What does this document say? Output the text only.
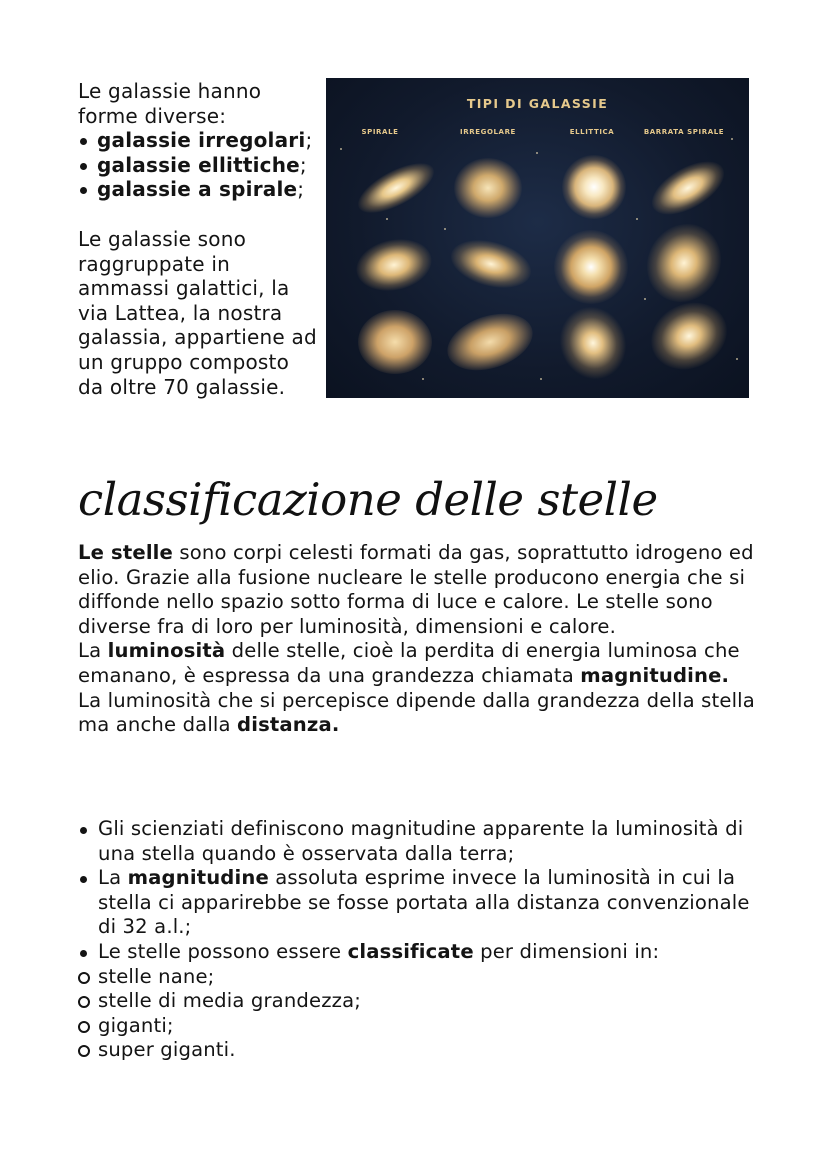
Le galassie hanno forme diverse:

galassie irregolari;
galassie ellittiche;
galassie a spirale;

Le galassie sono raggruppate in ammassi galattici, la via Lattea, la nostra galassia, appartiene ad un gruppo composto da oltre 70 galassie.

TIPI DI GALASSIE
SPIRALE	IRREGOLARE	ELLITTICA	BARRATA SPIRALE
classificazione delle stelle

Le stelle sono corpi celesti formati da gas, soprattutto idrogeno ed elio. Grazie alla fusione nucleare le stelle producono energia che si diffonde nello spazio sotto forma di luce e calore. Le stelle sono diverse fra di loro per luminosità, dimensioni e calore.

La luminosità delle stelle, cioè la perdita di energia luminosa che emanano, è espressa da una grandezza chiamata magnitudine.

La luminosità che si percepisce dipende dalla grandezza della stella ma anche dalla distanza.

Gli scienziati definiscono magnitudine apparente la luminosità di una stella quando è osservata dalla terra;
La magnitudine assoluta esprime invece la luminosità in cui la stella ci apparirebbe se fosse portata alla distanza convenzionale di 32 a.l.;
Le stelle possono essere classificate per dimensioni in:
stelle nane;
stelle di media grandezza;
giganti;
super giganti.
